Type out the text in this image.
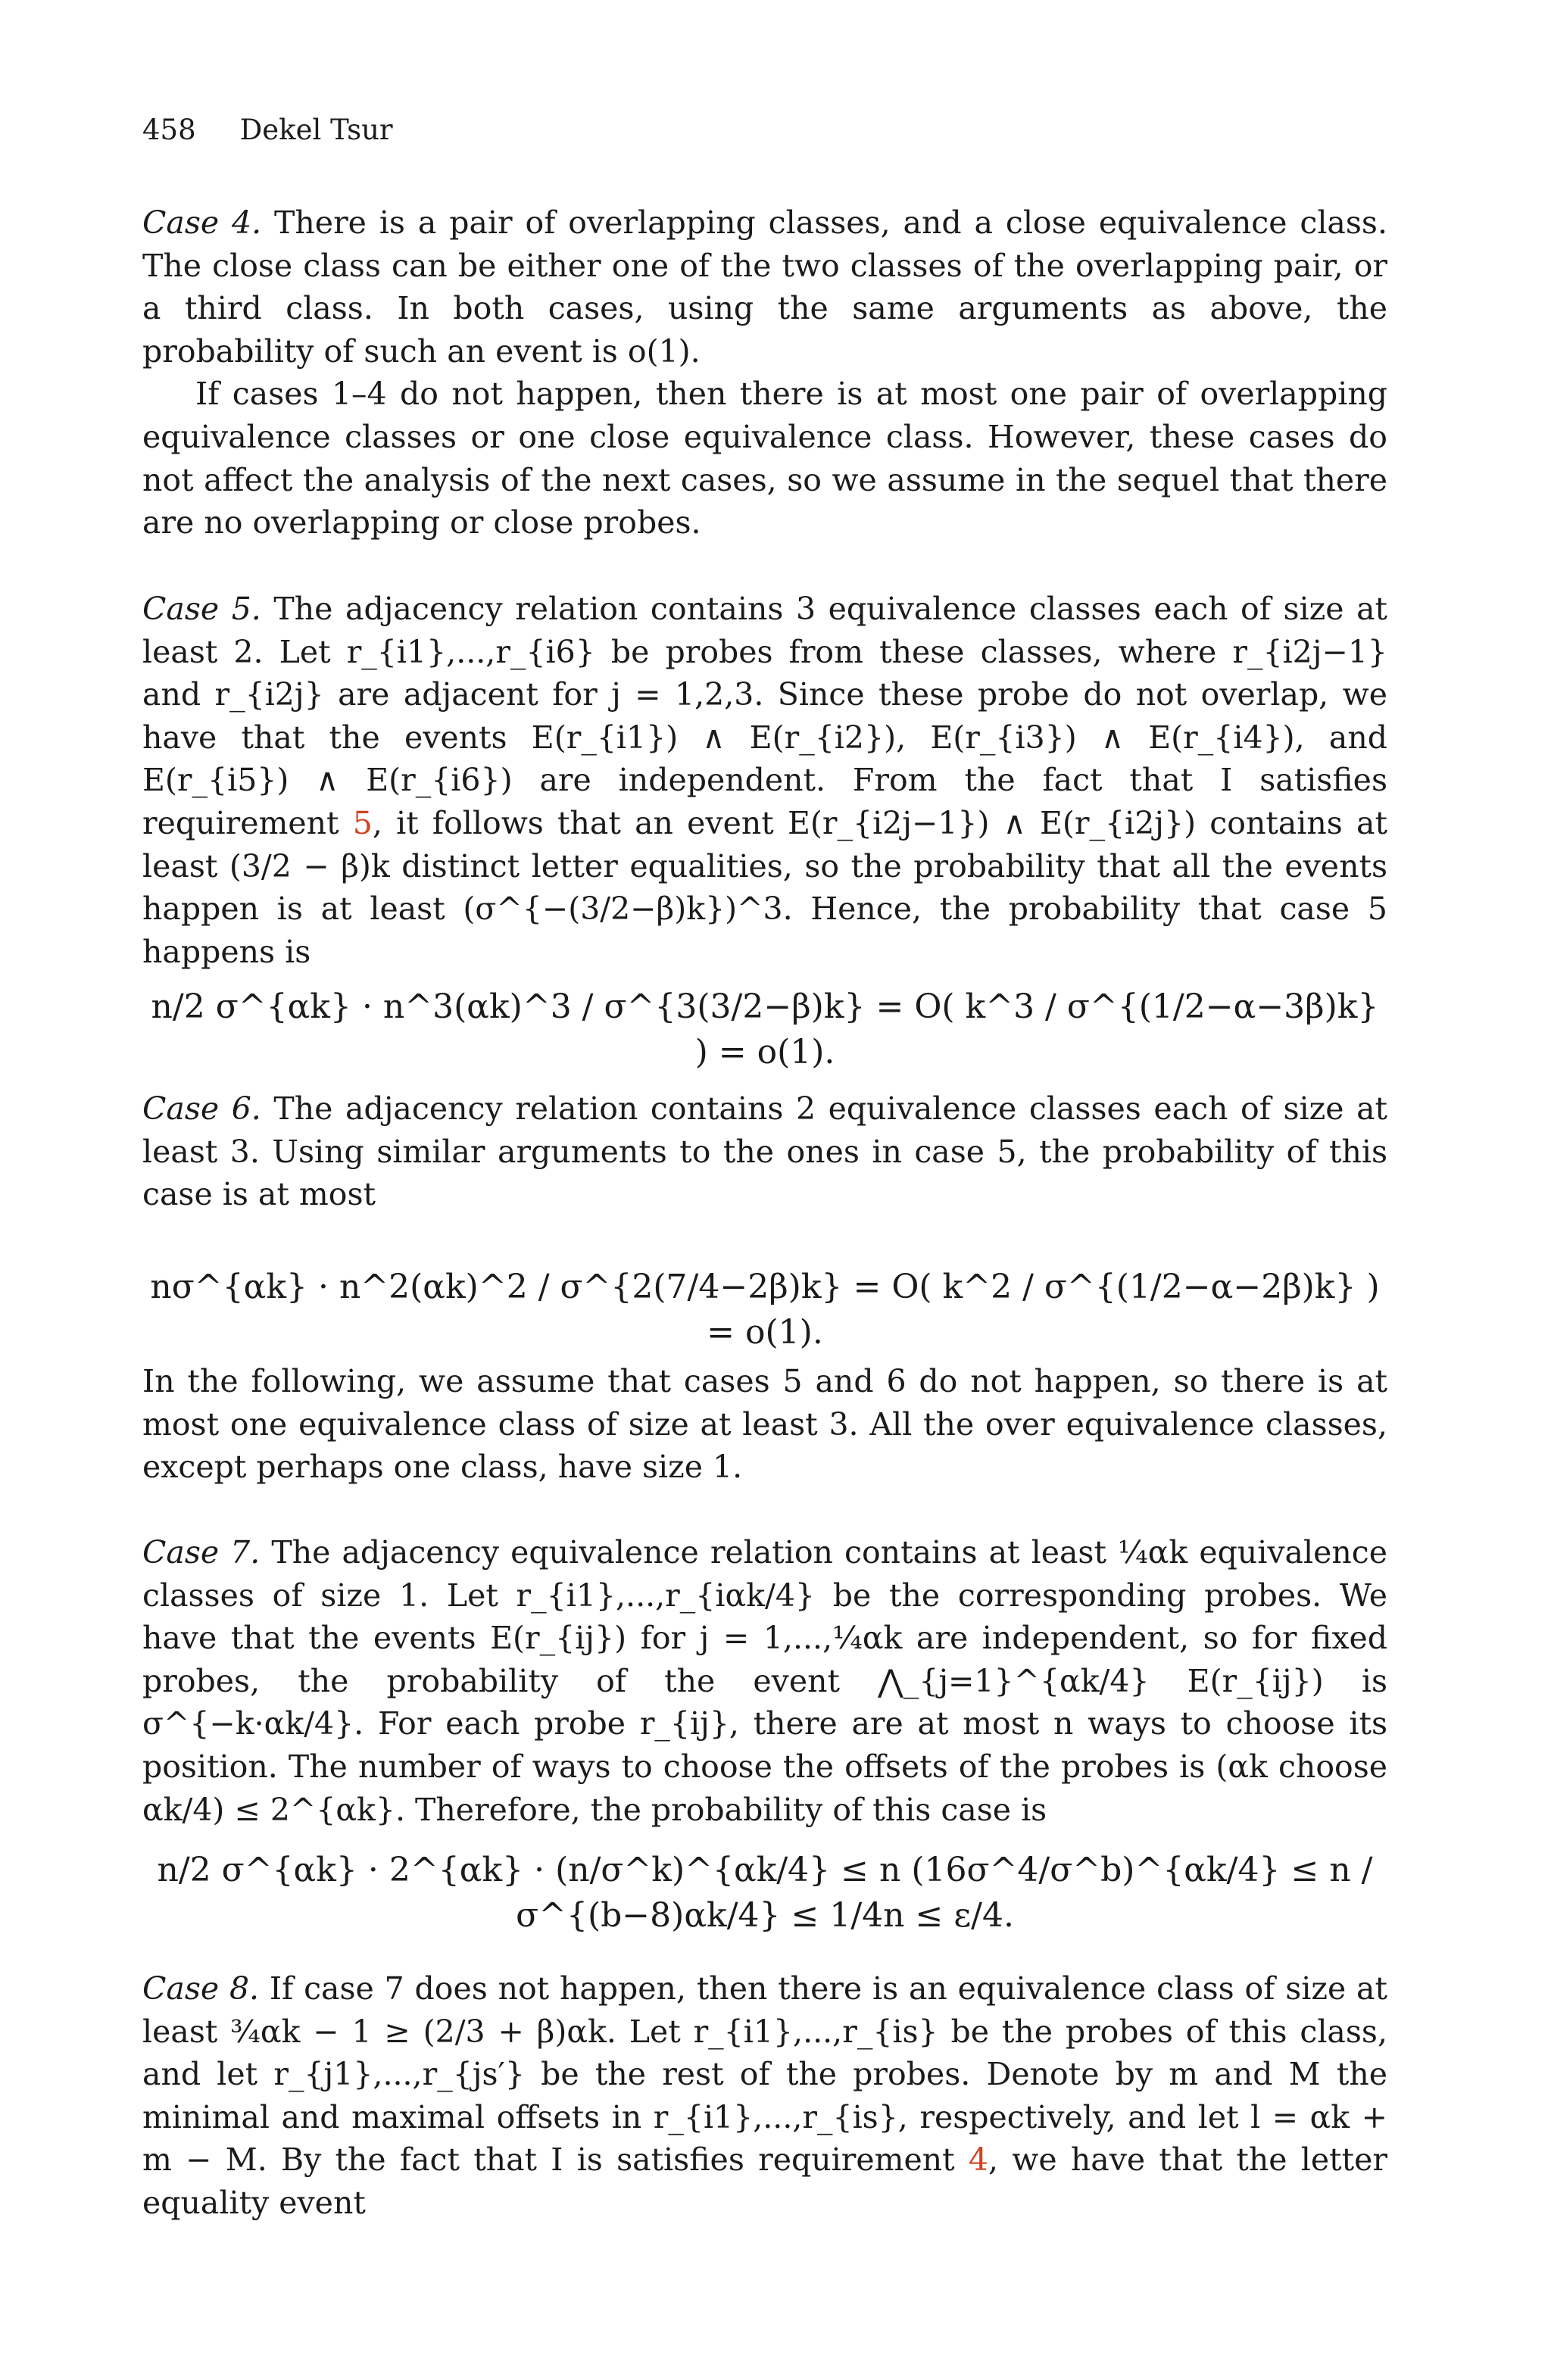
458 Dekel Tsur

Case 4. There is a pair of overlapping classes, and a close equivalence class. The close class can be either one of the two classes of the overlapping pair, or a third class. In both cases, using the same arguments as above, the probability of such an event is o(1).

If cases 1–4 do not happen, then there is at most one pair of overlapping equivalence classes or one close equivalence class. However, these cases do not affect the analysis of the next cases, so we assume in the sequel that there are no overlapping or close probes.

Case 5. The adjacency relation contains 3 equivalence classes each of size at least 2. Let r_{i1},...,r_{i6} be probes from these classes, where r_{i2j−1} and r_{i2j} are adjacent for j = 1,2,3. Since these probe do not overlap, we have that the events E(r_{i1}) ∧ E(r_{i2}), E(r_{i3}) ∧ E(r_{i4}), and E(r_{i5}) ∧ E(r_{i6}) are independent. From the fact that I satisfies requirement 5, it follows that an event E(r_{i2j−1}) ∧ E(r_{i2j}) contains at least (3/2 − β)k distinct letter equalities, so the probability that all the events happen is at least (σ^{−(3/2−β)k})^3. Hence, the probability that case 5 happens is

n/2 σ^{αk} · n^3(αk)^3 / σ^{3(3/2−β)k} = O( k^3 / σ^{(1/2−α−3β)k} ) = o(1).

Case 6. The adjacency relation contains 2 equivalence classes each of size at least 3. Using similar arguments to the ones in case 5, the probability of this case is at most

nσ^{αk} · n^2(αk)^2 / σ^{2(7/4−2β)k} = O( k^2 / σ^{(1/2−α−2β)k} ) = o(1).

In the following, we assume that cases 5 and 6 do not happen, so there is at most one equivalence class of size at least 3. All the over equivalence classes, except perhaps one class, have size 1.

Case 7. The adjacency equivalence relation contains at least ¼αk equivalence classes of size 1. Let r_{i1},...,r_{iαk/4} be the corresponding probes. We have that the events E(r_{ij}) for j = 1,...,¼αk are independent, so for fixed probes, the probability of the event ⋀_{j=1}^{αk/4} E(r_{ij}) is σ^{−k·αk/4}. For each probe r_{ij}, there are at most n ways to choose its position. The number of ways to choose the offsets of the probes is (αk choose αk/4) ≤ 2^{αk}. Therefore, the probability of this case is

n/2 σ^{αk} · 2^{αk} · (n/σ^k)^{αk/4} ≤ n (16σ^4/σ^b)^{αk/4} ≤ n / σ^{(b−8)αk/4} ≤ 1/4n ≤ ε/4.

Case 8. If case 7 does not happen, then there is an equivalence class of size at least ¾αk − 1 ≥ (2/3 + β)αk. Let r_{i1},...,r_{is} be the probes of this class, and let r_{j1},...,r_{js′} be the rest of the probes. Denote by m and M the minimal and maximal offsets in r_{i1},...,r_{is}, respectively, and let l = αk + m − M. By the fact that I is satisfies requirement 4, we have that the letter equality event
